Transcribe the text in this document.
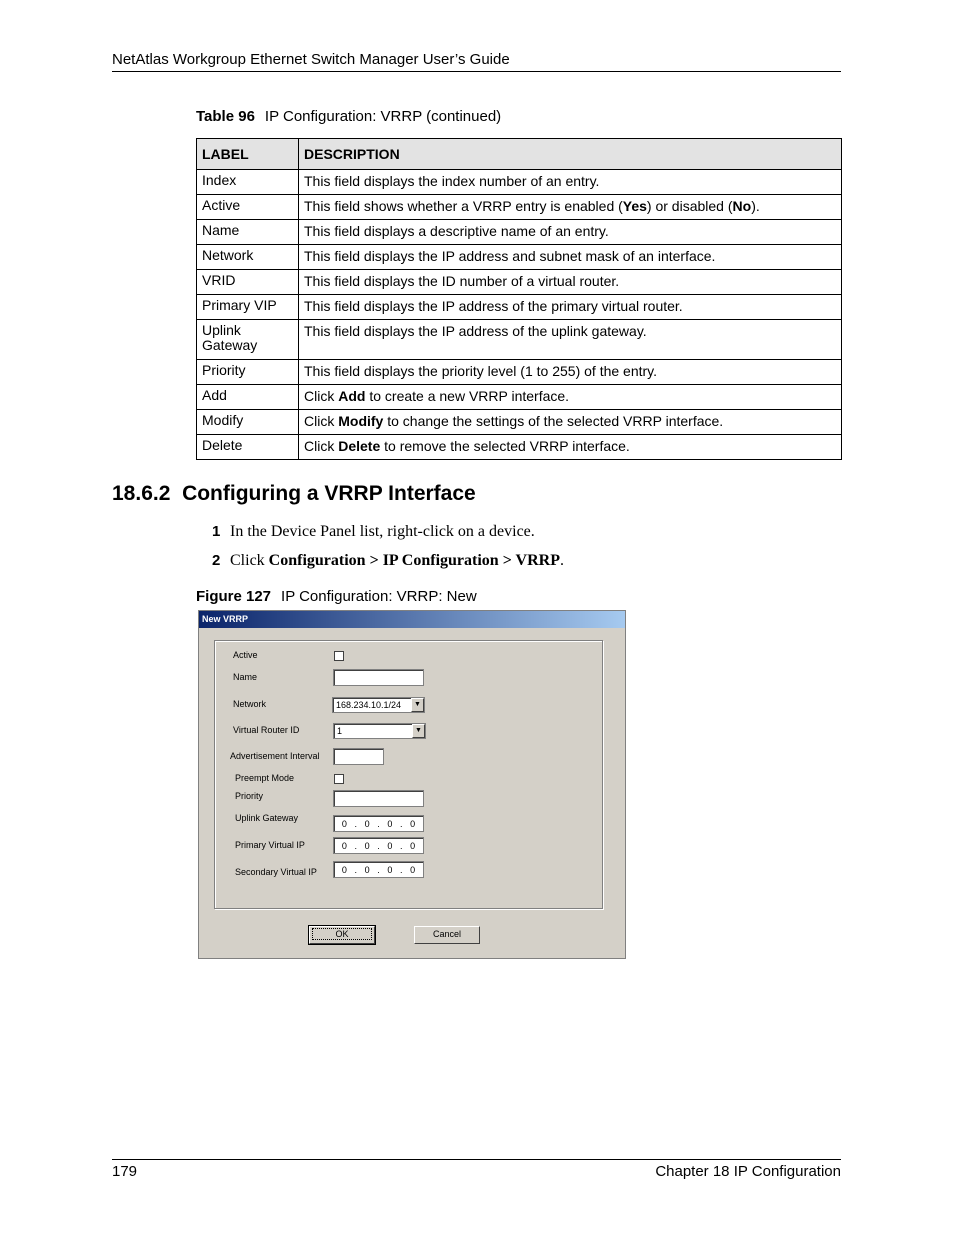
NetAtlas Workgroup Ethernet Switch Manager User’s Guide
Table 96 IP Configuration: VRRP (continued)
LABEL	DESCRIPTION
Index	This field displays the index number of an entry.
Active	This field shows whether a VRRP entry is enabled (Yes) or disabled (No).
Name	This field displays a descriptive name of an entry.
Network	This field displays the IP address and subnet mask of an interface.
VRID	This field displays the ID number of a virtual router.
Primary VIP	This field displays the IP address of the primary virtual router.
Uplink Gateway	This field displays the IP address of the uplink gateway.
Priority	This field displays the priority level (1 to 255) of the entry.
Add	Click Add to create a new VRRP interface.
Modify	Click Modify to change the settings of the selected VRRP interface.
Delete	Click Delete to remove the selected VRRP interface.
18.6.2 Configuring a VRRP Interface
1 In the Device Panel list, right-click on a device.
2 Click Configuration > IP Configuration > VRRP.
Figure 127 IP Configuration: VRRP: New
New VRRP
Active
Name
Network	168.234.10.1/24	▼
Virtual Router ID	1	▼
Advertisement Interval
Preempt Mode
Priority
Uplink Gateway
0 . 0 . 0 . 0
Primary Virtual IP	0 . 0 . 0 . 0
Secondary Virtual IP	0 . 0 . 0 . 0
OK	Cancel
179	Chapter 18 IP Configuration
